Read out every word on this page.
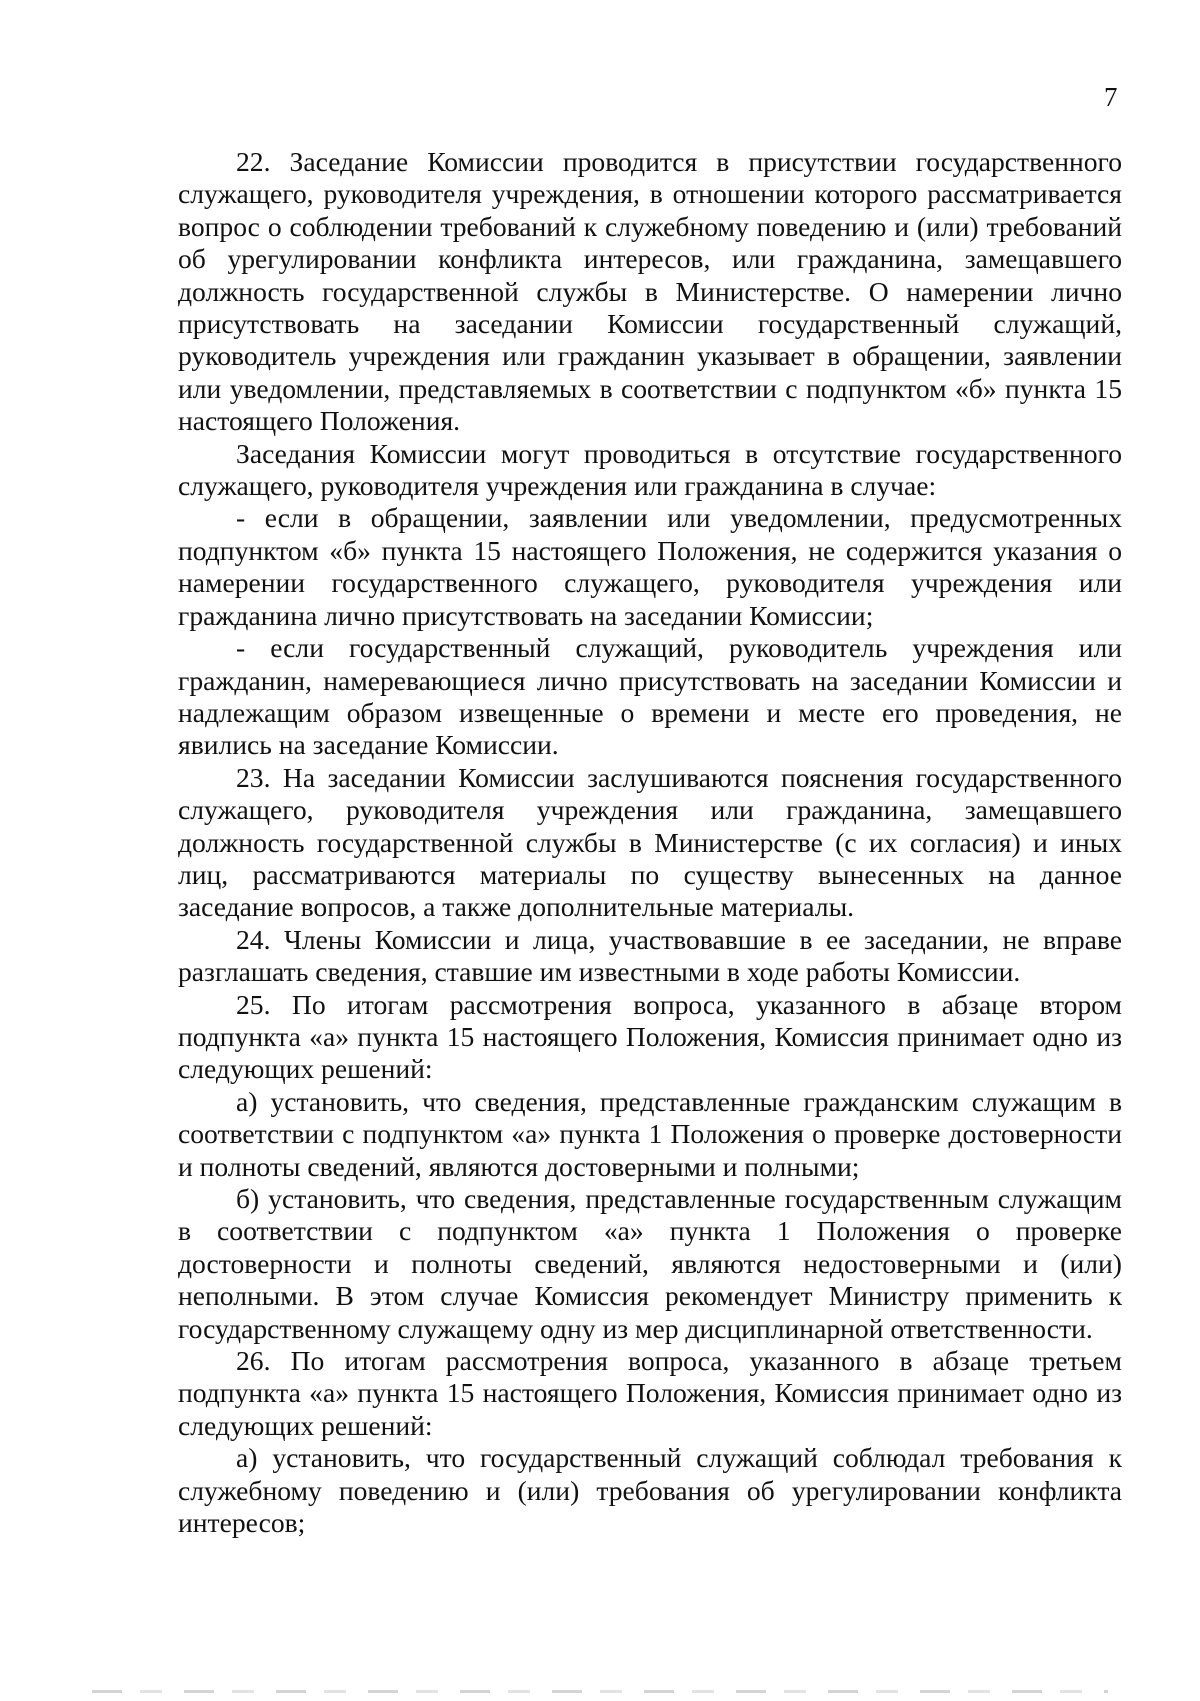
7

22. Заседание Комиссии проводится в присутствии государственного служащего, руководителя учреждения, в отношении которого рассматривается вопрос о соблюдении требований к служебному поведению и (или) требований об урегулировании конфликта интересов, или гражданина, замещавшего должность государственной службы в Министерстве. О намерении лично присутствовать на заседании Комиссии государственный служащий, руководитель учреждения или гражданин указывает в обращении, заявлении или уведомлении, представляемых в соответствии с подпунктом «б» пункта 15 настоящего Положения.

Заседания Комиссии могут проводиться в отсутствие государственного служащего, руководителя учреждения или гражданина в случае:

- если в обращении, заявлении или уведомлении, предусмотренных подпунктом «б» пункта 15 настоящего Положения, не содержится указания о намерении государственного служащего, руководителя учреждения или гражданина лично присутствовать на заседании Комиссии;

- если государственный служащий, руководитель учреждения или гражданин, намеревающиеся лично присутствовать на заседании Комиссии и надлежащим образом извещенные о времени и месте его проведения, не явились на заседание Комиссии.

23. На заседании Комиссии заслушиваются пояснения государственного служащего, руководителя учреждения или гражданина, замещавшего должность государственной службы в Министерстве (с их согласия) и иных лиц, рассматриваются материалы по существу вынесенных на данное заседание вопросов, а также дополнительные материалы.

24. Члены Комиссии и лица, участвовавшие в ее заседании, не вправе разглашать сведения, ставшие им известными в ходе работы Комиссии.

25. По итогам рассмотрения вопроса, указанного в абзаце втором подпункта «а» пункта 15 настоящего Положения, Комиссия принимает одно из следующих решений:

а) установить, что сведения, представленные гражданским служащим в соответствии с подпунктом «а» пункта 1 Положения о проверке достоверности и полноты сведений, являются достоверными и полными;

б) установить, что сведения, представленные государственным служащим в соответствии с подпунктом «а» пункта 1 Положения о проверке достоверности и полноты сведений, являются недостоверными и (или) неполными. В этом случае Комиссия рекомендует Министру применить к государственному служащему одну из мер дисциплинарной ответственности.

26. По итогам рассмотрения вопроса, указанного в абзаце третьем подпункта «а» пункта 15 настоящего Положения, Комиссия принимает одно из следующих решений:

а) установить, что государственный служащий соблюдал требования к служебному поведению и (или) требования об урегулировании конфликта интересов;
